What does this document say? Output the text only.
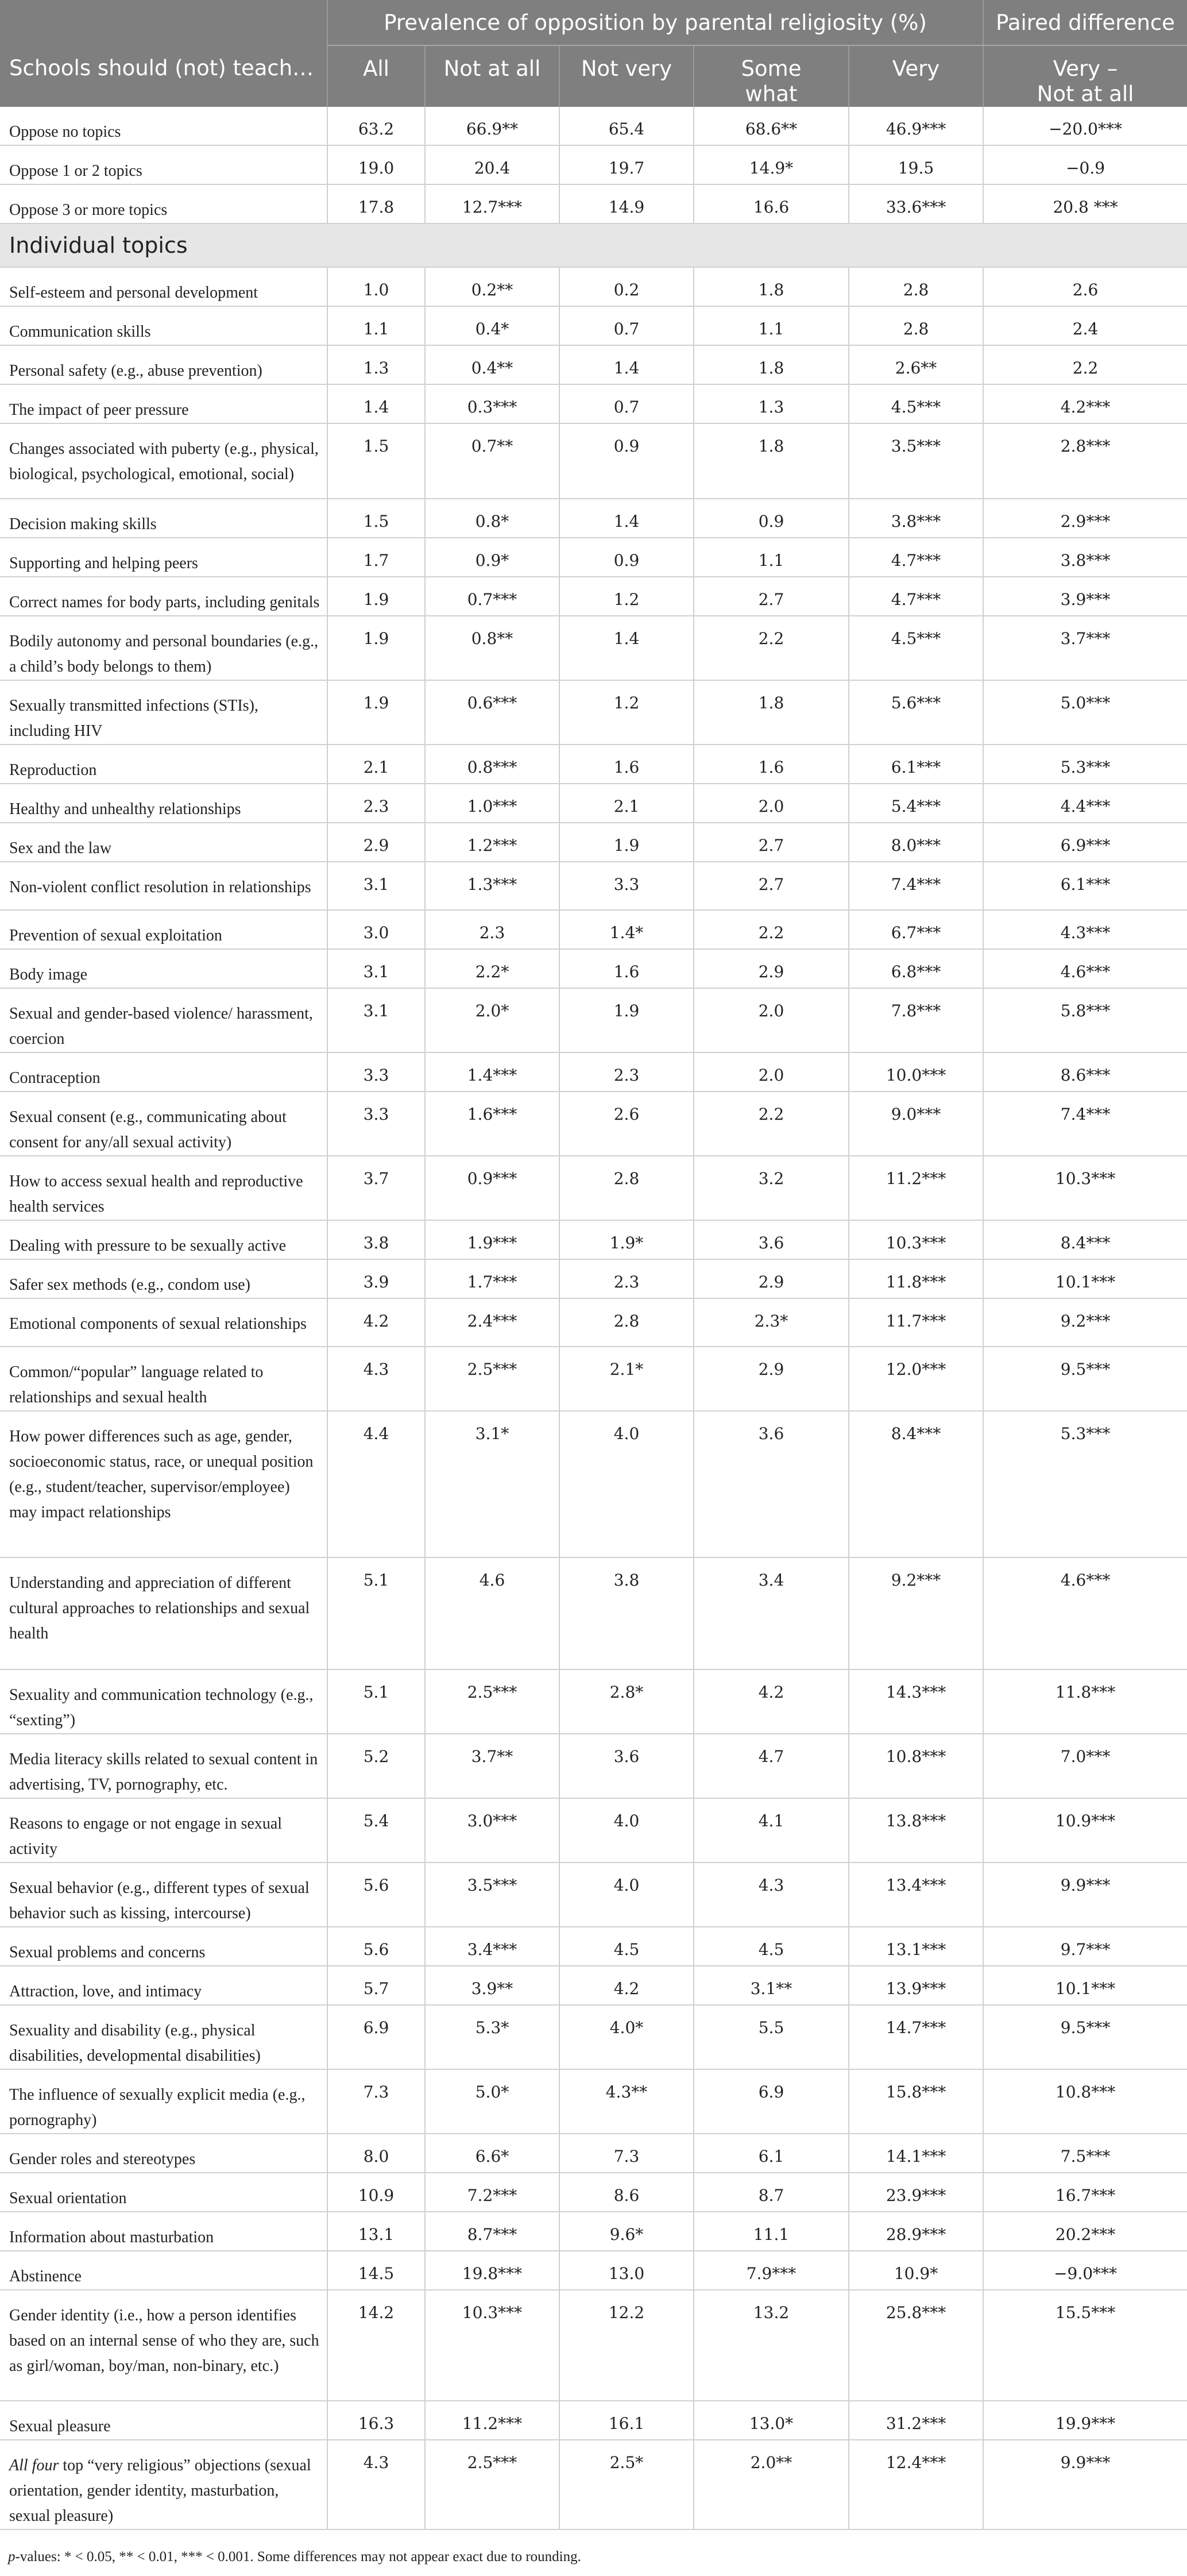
	Prevalence of opposition by parental religiosity (%)					Paired difference
Schools should (not) teach…	All	Not at all	Not very	Some what	Very	Very –
Not at all

Oppose no topics	63.2	66.9**	65.4	68.6**	46.9***	−20.0***
Oppose 1 or 2 topics	19.0	20.4	19.7	14.9*	19.5	−0.9
Oppose 3 or more topics	17.8	12.7***	14.9	16.6	33.6***	20.8 ***
Individual topics						
Self-esteem and personal development	1.0	0.2**	0.2	1.8	2.8	2.6
Communication skills	1.1	0.4*	0.7	1.1	2.8	2.4
Personal safety (e.g., abuse prevention)	1.3	0.4**	1.4	1.8	2.6**	2.2
The impact of peer pressure	1.4	0.3***	0.7	1.3	4.5***	4.2***
Changes associated with puberty (e.g., physical, biological, psychological, emotional, social)	1.5	0.7**	0.9	1.8	3.5***	2.8***
Decision making skills	1.5	0.8*	1.4	0.9	3.8***	2.9***
Supporting and helping peers	1.7	0.9*	0.9	1.1	4.7***	3.8***
Correct names for body parts, including genitals	1.9	0.7***	1.2	2.7	4.7***	3.9***
Bodily autonomy and personal boundaries (e.g., a child’s body belongs to them)	1.9	0.8**	1.4	2.2	4.5***	3.7***
Sexually transmitted infections (STIs), including HIV	1.9	0.6***	1.2	1.8	5.6***	5.0***
Reproduction	2.1	0.8***	1.6	1.6	6.1***	5.3***
Healthy and unhealthy relationships	2.3	1.0***	2.1	2.0	5.4***	4.4***
Sex and the law	2.9	1.2***	1.9	2.7	8.0***	6.9***
Non-violent conflict resolution in relationships	3.1	1.3***	3.3	2.7	7.4***	6.1***
Prevention of sexual exploitation	3.0	2.3	1.4*	2.2	6.7***	4.3***
Body image	3.1	2.2*	1.6	2.9	6.8***	4.6***
Sexual and gender-based violence/ harassment, coercion	3.1	2.0*	1.9	2.0	7.8***	5.8***
Contraception	3.3	1.4***	2.3	2.0	10.0***	8.6***
Sexual consent (e.g., communicating about consent for any/all sexual activity)	3.3	1.6***	2.6	2.2	9.0***	7.4***
How to access sexual health and reproductive health services	3.7	0.9***	2.8	3.2	11.2***	10.3***
Dealing with pressure to be sexually active	3.8	1.9***	1.9*	3.6	10.3***	8.4***
Safer sex methods (e.g., condom use)	3.9	1.7***	2.3	2.9	11.8***	10.1***
Emotional components of sexual relationships	4.2	2.4***	2.8	2.3*	11.7***	9.2***
Common/“popular” language related to relationships and sexual health	4.3	2.5***	2.1*	2.9	12.0***	9.5***
How power differences such as age, gender, socioeconomic status, race, or unequal position (e.g., student/teacher, supervisor/employee) may impact relationships	4.4	3.1*	4.0	3.6	8.4***	5.3***
Understanding and appreciation of different cultural approaches to relationships and sexual health	5.1	4.6	3.8	3.4	9.2***	4.6***
Sexuality and communication technology (e.g., “sexting”)	5.1	2.5***	2.8*	4.2	14.3***	11.8***
Media literacy skills related to sexual content in advertising, TV, pornography, etc.	5.2	3.7**	3.6	4.7	10.8***	7.0***
Reasons to engage or not engage in sexual activity	5.4	3.0***	4.0	4.1	13.8***	10.9***
Sexual behavior (e.g., different types of sexual behavior such as kissing, intercourse)	5.6	3.5***	4.0	4.3	13.4***	9.9***
Sexual problems and concerns	5.6	3.4***	4.5	4.5	13.1***	9.7***
Attraction, love, and intimacy	5.7	3.9**	4.2	3.1**	13.9***	10.1***
Sexuality and disability (e.g., physical disabilities, developmental disabilities)	6.9	5.3*	4.0*	5.5	14.7***	9.5***
The influence of sexually explicit media (e.g., pornography)	7.3	5.0*	4.3**	6.9	15.8***	10.8***
Gender roles and stereotypes	8.0	6.6*	7.3	6.1	14.1***	7.5***
Sexual orientation	10.9	7.2***	8.6	8.7	23.9***	16.7***
Information about masturbation	13.1	8.7***	9.6*	11.1	28.9***	20.2***
Abstinence	14.5	19.8***	13.0	7.9***	10.9*	−9.0***
Gender identity (i.e., how a person identifies based on an internal sense of who they are, such as girl/woman, boy/man, non-binary, etc.)	14.2	10.3***	12.2	13.2	25.8***	15.5***
Sexual pleasure	16.3	11.2***	16.1	13.0*	31.2***	19.9***
All four top “very religious” objections (sexual orientation, gender identity, masturbation, sexual pleasure)	4.3	2.5***	2.5*	2.0**	12.4***	9.9***
p-values: * < 0.05, ** < 0.01, *** < 0.001. Some differences may not appear exact due to rounding.
